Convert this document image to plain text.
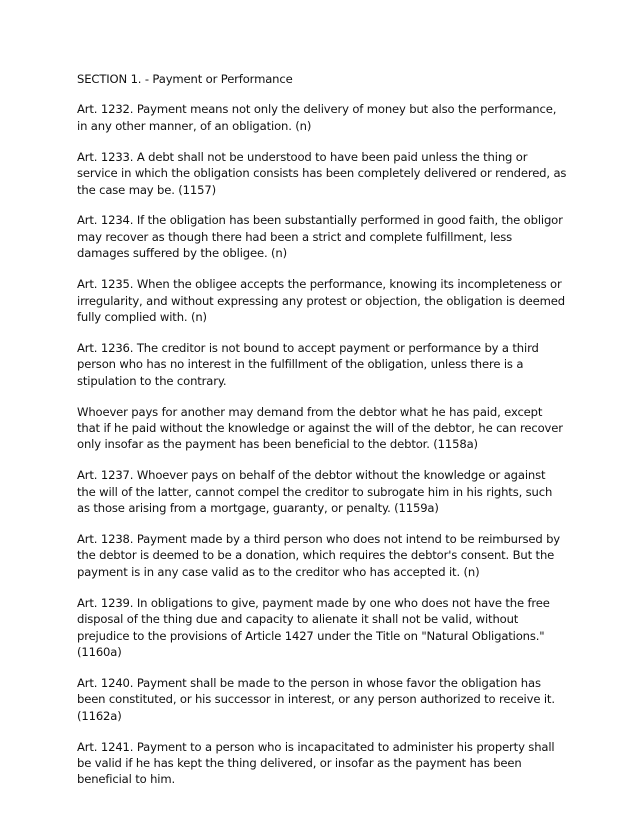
SECTION 1. - Payment or Performance
Art. 1232. Payment means not only the delivery of money but also the performance, in any other manner, of an obligation. (n)
Art. 1233. A debt shall not be understood to have been paid unless the thing or service in which the obligation consists has been completely delivered or rendered, as the case may be. (1157)
Art. 1234. If the obligation has been substantially performed in good faith, the obligor may recover as though there had been a strict and complete fulfillment, less damages suffered by the obligee. (n)
Art. 1235. When the obligee accepts the performance, knowing its incompleteness or irregularity, and without expressing any protest or objection, the obligation is deemed fully complied with. (n)
Art. 1236. The creditor is not bound to accept payment or performance by a third person who has no interest in the fulfillment of the obligation, unless there is a stipulation to the contrary.
Whoever pays for another may demand from the debtor what he has paid, except that if he paid without the knowledge or against the will of the debtor, he can recover only insofar as the payment has been beneficial to the debtor. (1158a)
Art. 1237. Whoever pays on behalf of the debtor without the knowledge or against the will of the latter, cannot compel the creditor to subrogate him in his rights, such as those arising from a mortgage, guaranty, or penalty. (1159a)
Art. 1238. Payment made by a third person who does not intend to be reimbursed by the debtor is deemed to be a donation, which requires the debtor's consent. But the payment is in any case valid as to the creditor who has accepted it. (n)
Art. 1239. In obligations to give, payment made by one who does not have the free disposal of the thing due and capacity to alienate it shall not be valid, without prejudice to the provisions of Article 1427 under the Title on "Natural Obligations." (1160a)
Art. 1240. Payment shall be made to the person in whose favor the obligation has been constituted, or his successor in interest, or any person authorized to receive it. (1162a)
Art. 1241. Payment to a person who is incapacitated to administer his property shall be valid if he has kept the thing delivered, or insofar as the payment has been beneficial to him.
